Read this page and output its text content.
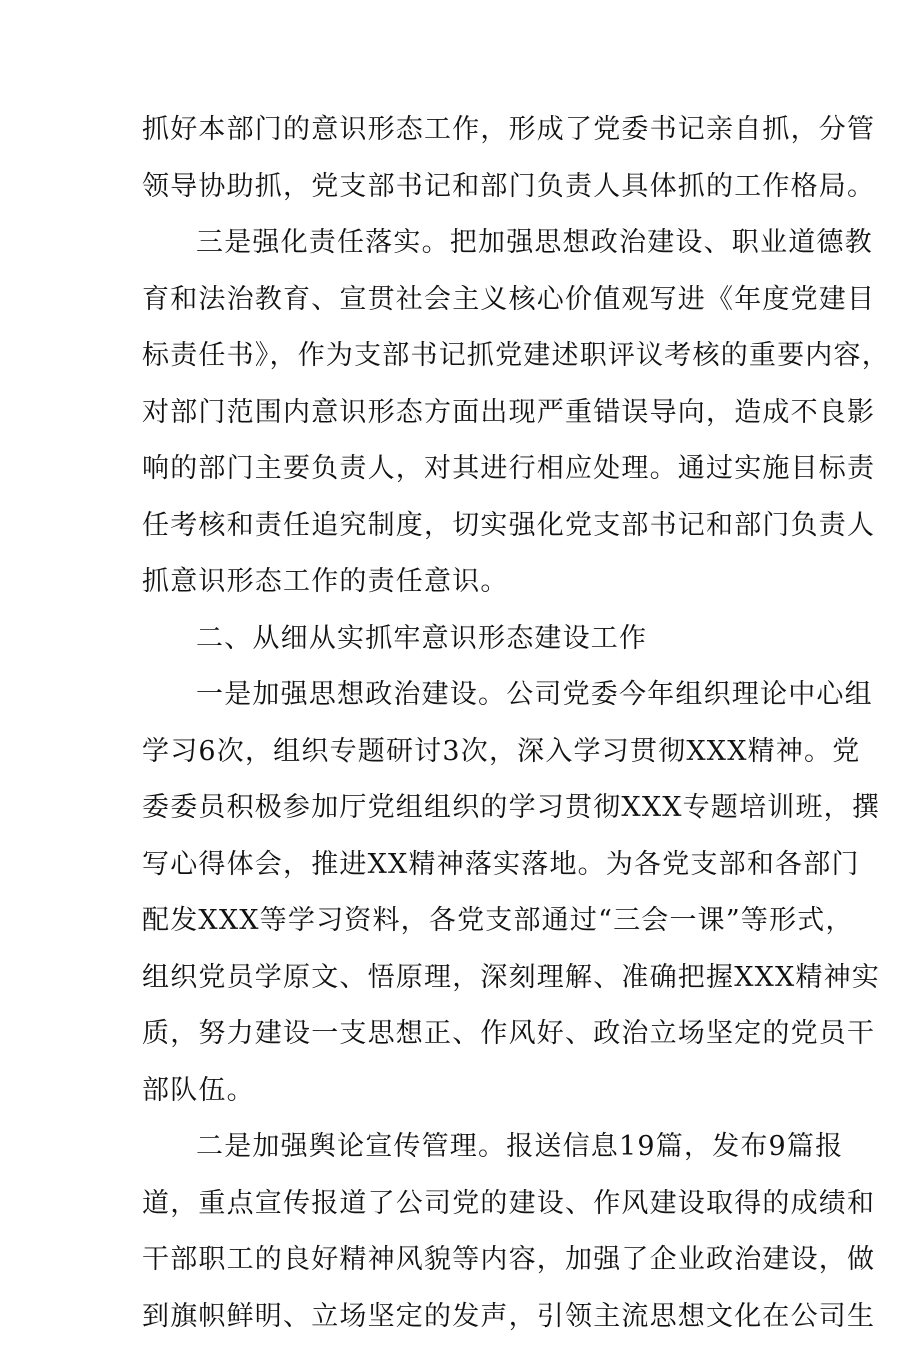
抓好本部门的意识形态工作，形成了党委书记亲自抓，分管
领导协助抓，党支部书记和部门负责人具体抓的工作格局。
三是强化责任落实。把加强思想政治建设、职业道德教
育和法治教育、宣贯社会主义核心价值观写进《年度党建目
标责任书》，作为支部书记抓党建述职评议考核的重要内容，
对部门范围内意识形态方面出现严重错误导向，造成不良影
响的部门主要负责人，对其进行相应处理。通过实施目标责
任考核和责任追究制度，切实强化党支部书记和部门负责人
抓意识形态工作的责任意识。
二、从细从实抓牢意识形态建设工作
一是加强思想政治建设。公司党委今年组织理论中心组
学习6次，组织专题研讨3次，深入学习贯彻XXX精神。党
委委员积极参加厅党组组织的学习贯彻XXX专题培训班，撰
写心得体会，推进XX精神落实落地。为各党支部和各部门
配发XXX等学习资料，各党支部通过“三会一课”等形式，
组织党员学原文、悟原理，深刻理解、准确把握XXX精神实
质，努力建设一支思想正、作风好、政治立场坚定的党员干
部队伍。
二是加强舆论宣传管理。报送信息19篇，发布9篇报
道，重点宣传报道了公司党的建设、作风建设取得的成绩和
干部职工的良好精神风貌等内容，加强了企业政治建设，做
到旗帜鲜明、立场坚定的发声，引领主流思想文化在公司生
